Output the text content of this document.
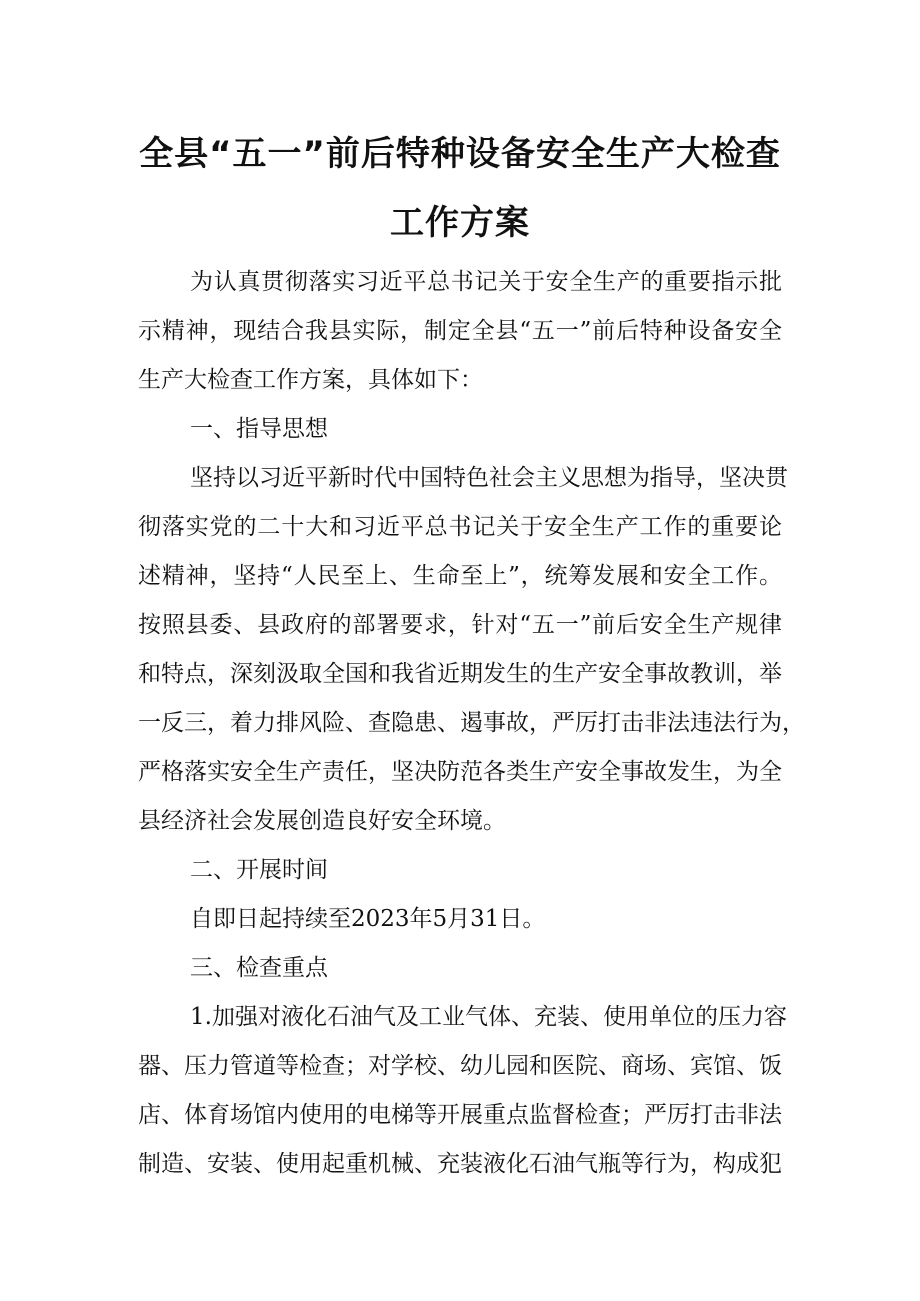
全县“五一”前后特种设备安全生产大检查
工作方案
为认真贯彻落实习近平总书记关于安全生产的重要指示批
示精神，现结合我县实际，制定全县“五一”前后特种设备安全
生产大检查工作方案，具体如下：
一、指导思想
坚持以习近平新时代中国特色社会主义思想为指导，坚决贯
彻落实党的二十大和习近平总书记关于安全生产工作的重要论
述精神，坚持“人民至上、生命至上”，统筹发展和安全工作。
按照县委、县政府的部署要求，针对“五一”前后安全生产规律
和特点，深刻汲取全国和我省近期发生的生产安全事故教训，举
一反三，着力排风险、查隐患、遏事故，严厉打击非法违法行为，
严格落实安全生产责任，坚决防范各类生产安全事故发生，为全
县经济社会发展创造良好安全环境。
二、开展时间
自即日起持续至2023年5月31日。
三、检查重点
1.加强对液化石油气及工业气体、充装、使用单位的压力容
器、压力管道等检查；对学校、幼儿园和医院、商场、宾馆、饭
店、体育场馆内使用的电梯等开展重点监督检查；严厉打击非法
制造、安装、使用起重机械、充装液化石油气瓶等行为，构成犯
